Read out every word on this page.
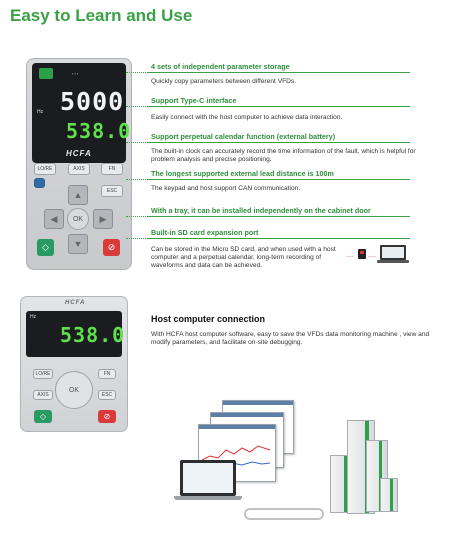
Easy to Learn and Use
▪ ▪ ▪
Hz 5000
538.0
HCFA
LO/RE	AXIS	FN
▲	ESC
◀	OK	▶
◇	▼	⊘
4 sets of independent parameter storage
Quickly copy parameters between different VFDs.
Support Type-C interface
Easily connect with the host computer to achieve data interaction.
Support perpetual calendar function (external battery)
The built-in clock can accurately record the time information of the fault, which is helpful for problem analysis and precise positioning.
The longest supported external lead distance is 100m
The keypad and host support CAN communication.
With a tray, it can be installed independently on the cabinet door
Built-in SD card expansion port
Can be stored in the Micro SD card, and when used with a host computer and a perpetual calendar, long-term recording of waveforms and data can be achieved.
‥‥ ‥‥
HCFA
Hz
538.0
LO/RE	FN
OK
AXIS	ESC
◇	⊘
Host computer connection
With HCFA host computer software, easy to save the VFDs data monitoring machine , view and modify parameters, and facilitate on-site debugging.
